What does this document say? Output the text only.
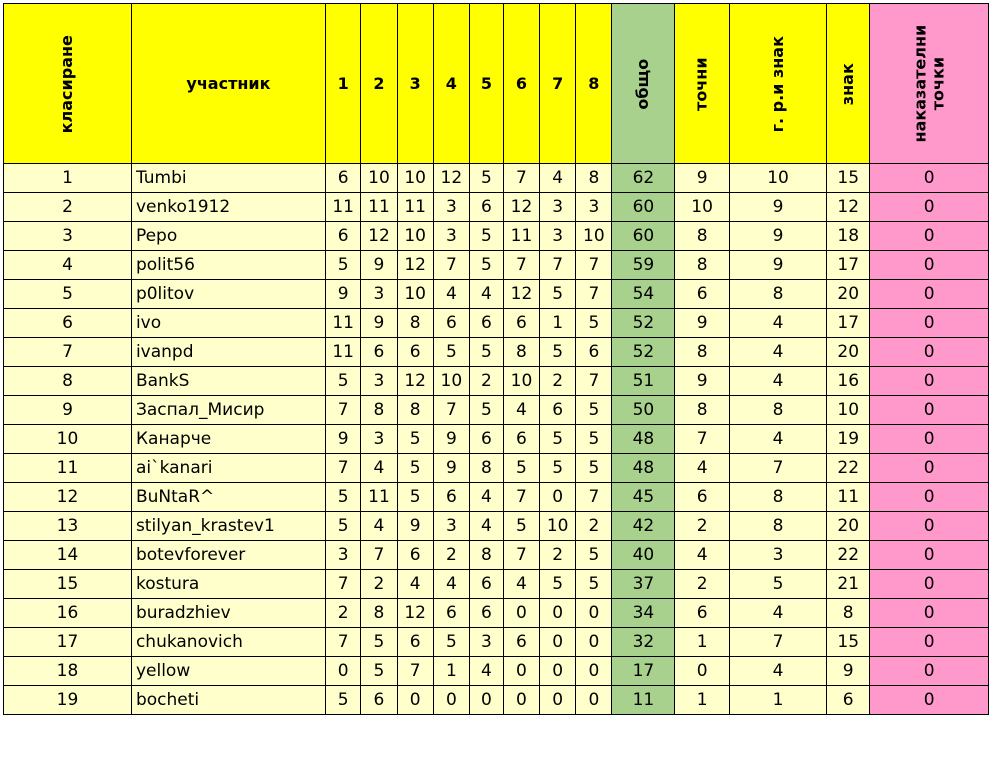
класиране	участник	1	2	3	4	5	6	7	8	общо	точни	г. р.и знак	знак	наказателни
точки
1	Tumbi	6	10	10	12	5	7	4	8	62	9	10	15	0
2	venko1912	11	11	11	3	6	12	3	3	60	10	9	12	0
3	Pepo	6	12	10	3	5	11	3	10	60	8	9	18	0
4	polit56	5	9	12	7	5	7	7	7	59	8	9	17	0
5	p0litov	9	3	10	4	4	12	5	7	54	6	8	20	0
6	ivo	11	9	8	6	6	6	1	5	52	9	4	17	0
7	ivanpd	11	6	6	5	5	8	5	6	52	8	4	20	0
8	BankS	5	3	12	10	2	10	2	7	51	9	4	16	0
9	Заспал_Мисир	7	8	8	7	5	4	6	5	50	8	8	10	0
10	Канарче	9	3	5	9	6	6	5	5	48	7	4	19	0
11	ai`kanari	7	4	5	9	8	5	5	5	48	4	7	22	0
12	BuNtaR^	5	11	5	6	4	7	0	7	45	6	8	11	0
13	stilyan_krastev1	5	4	9	3	4	5	10	2	42	2	8	20	0
14	botevforever	3	7	6	2	8	7	2	5	40	4	3	22	0
15	kostura	7	2	4	4	6	4	5	5	37	2	5	21	0
16	buradzhiev	2	8	12	6	6	0	0	0	34	6	4	8	0
17	chukanovich	7	5	6	5	3	6	0	0	32	1	7	15	0
18	yellow	0	5	7	1	4	0	0	0	17	0	4	9	0
19	bocheti	5	6	0	0	0	0	0	0	11	1	1	6	0
